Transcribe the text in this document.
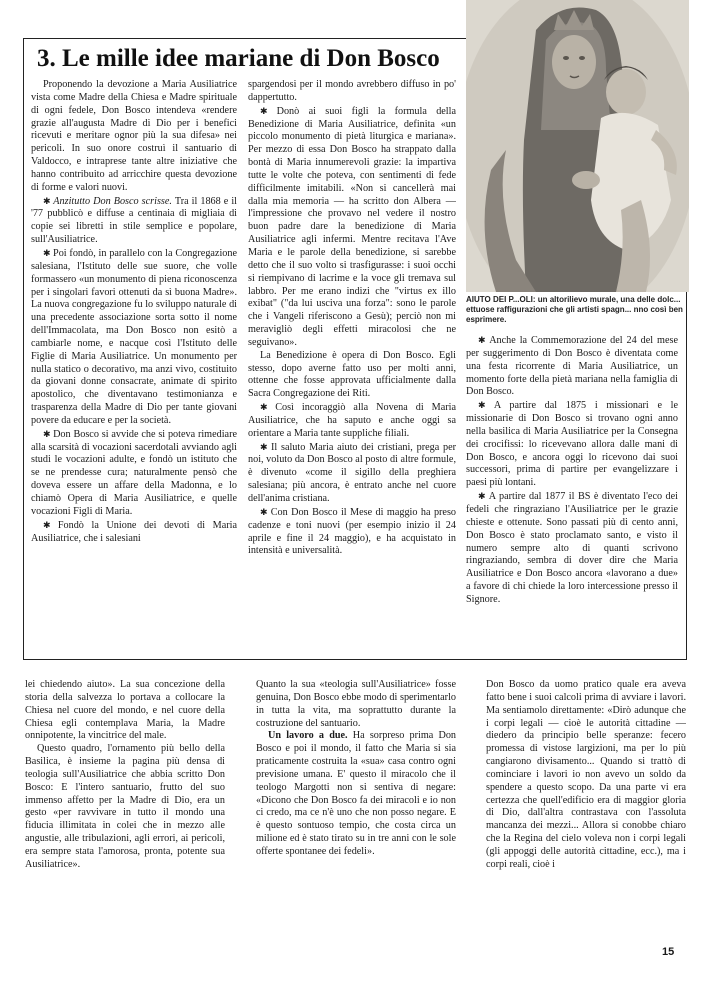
3. Le mille idee mariane di Don Bosco

Proponendo la devozione a Maria Ausiliatrice vista come Madre della Chiesa e Madre spirituale di ogni fedele, Don Bosco intendeva «rendere grazie all'augusta Madre di Dio per i benefici ricevuti e meritare ognor più la sua difesa» nei pericoli. In suo onore costruì il santuario di Valdocco, e intraprese tante altre iniziative che hanno contribuito ad arricchire questa devozione di forme e valori nuovi.

✱ Anzitutto Don Bosco scrisse. Tra il 1868 e il '77 pubblicò e diffuse a centinaia di migliaia di copie sei libretti in stile semplice e popolare, sull'Ausiliatrice.

✱ Poi fondò, in parallelo con la Congregazione salesiana, l'Istituto delle sue suore, che volle formassero «un monumento di piena riconoscenza per i singolari favori ottenuti da sì buona Madre». La nuova congregazione fu lo sviluppo naturale di una precedente associazione sorta sotto il nome dell'Immacolata, ma Don Bosco non esitò a cambiarle nome, e nacque così l'Istituto delle Figlie di Maria Ausiliatrice. Un monumento per nulla statico o decorativo, ma anzi vivo, costituito da giovani donne consacrate, animate di spirito apostolico, che diventavano testimonianza e trasparenza della Madre di Dio per tante giovani povere da educare e per la società.

✱ Don Bosco si avvide che si poteva rimediare alla scarsità di vocazioni sacerdotali avviando agli studi le vocazioni adulte, e fondò un istituto che se ne prendesse cura; naturalmente pensò che doveva essere un affare della Madonna, e lo chiamò Opera di Maria Ausiliatrice, e quelle vocazioni Figli di Maria.

✱ Fondò la Unione dei devoti di Maria Ausiliatrice, che i salesiani

spargendosi per il mondo avrebbero diffuso in po' dappertutto.

✱ Donò ai suoi figli la formula della Benedizione di Maria Ausiliatrice, definita «un piccolo monumento di pietà liturgica e mariana». Per mezzo di essa Don Bosco ha strappato dalla bontà di Maria innumerevoli grazie: la impartiva tutte le volte che poteva, con sentimenti di fede difficilmente imitabili. «Non si cancellerà mai dalla mia memoria — ha scritto don Albera — l'impressione che provavo nel vedere il nostro buon padre dare la benedizione di Maria Ausiliatrice agli infermi. Mentre recitava l'Ave Maria e le parole della benedizione, si sarebbe detto che il suo volto si trasfigurasse: i suoi occhi si riempivano di lacrime e la voce gli tremava sul labbro. Per me erano indizi che "virtus ex illo exibat" ("da lui usciva una forza": sono le parole che i Vangeli riferiscono a Gesù); perciò non mi meravigliò degli effetti miracolosi che ne seguivano».

La Benedizione è opera di Don Bosco. Egli stesso, dopo averne fatto uso per molti anni, ottenne che fosse approvata ufficialmente dalla Sacra Congregazione dei Riti.

✱ Così incoraggiò alla Novena di Maria Ausiliatrice, che ha saputo e anche oggi sa orientare a Maria tante suppliche filiali.

✱ Il saluto Maria aiuto dei cristiani, prega per noi, voluto da Don Bosco al posto di altre formule, è divenuto «come il sigillo della preghiera salesiana; più ancora, è entrato anche nel cuore dell'anima cristiana.

✱ Con Don Bosco il Mese di maggio ha preso cadenze e toni nuovi (per esempio inizio il 24 aprile e fine il 24 maggio), e ha acquistato in intensità e universalità.

AIUTO DEI P...OLI: un altorilievo murale, una delle dolc... ettuose raffigurazioni che gli artisti spagn... nno così ben esprimere.

✱ Anche la Commemorazione del 24 del mese per suggerimento di Don Bosco è diventata come una festa ricorrente di Maria Ausiliatrice, un momento forte della pietà mariana nella famiglia di Don Bosco.

✱ A partire dal 1875 i missionari e le missionarie di Don Bosco si trovano ogni anno nella basilica di Maria Ausiliatrice per la Consegna dei crocifissi: lo ricevevano allora dalle mani di Don Bosco, e ancora oggi lo ricevono dai suoi successori, prima di partire per evangelizzare i paesi più lontani.

✱ A partire dal 1877 il BS è diventato l'eco dei fedeli che ringraziano l'Ausiliatrice per le grazie chieste e ottenute. Sono passati più di cento anni, Don Bosco è stato proclamato santo, e visto il numero sempre alto di quanti scrivono ringraziando, sembra di dover dire che Maria Ausiliatrice e Don Bosco ancora «lavorano a due» a favore di chi chiede la loro intercessione presso il Signore.

lei chiedendo aiuto». La sua concezione della storia della salvezza lo portava a collocare la Chiesa nel cuore del mondo, e nel cuore della Chiesa egli contemplava Maria, la Madre onnipotente, la vincitrice del male.

Questo quadro, l'ornamento più bello della Basilica, è insieme la pagina più densa di teologia sull'Ausiliatrice che abbia scritto Don Bosco: E l'intero santuario, frutto del suo immenso affetto per la Madre di Dio, era un gesto «per ravvivare in tutto il mondo una fiducia illimitata in colei che in mezzo alle angustie, alle tribulazioni, agli errori, ai pericoli, era sempre stata l'amorosa, pronta, potente sua Ausiliatrice».

Quanto la sua «teologia sull'Ausiliatrice» fosse genuina, Don Bosco ebbe modo di sperimentarlo in tutta la vita, ma soprattutto durante la costruzione del santuario.

Un lavoro a due. Ha sorpreso prima Don Bosco e poi il mondo, il fatto che Maria si sia praticamente costruita la «sua» casa contro ogni previsione umana. E' questo il miracolo che il teologo Margotti non si sentiva di negare: «Dicono che Don Bosco fa dei miracoli e io non ci credo, ma ce n'è uno che non posso negare. E è questo sontuoso tempio, che costa circa un milione ed è stato tirato su in tre anni con le sole offerte spontanee dei fedeli».

Don Bosco da uomo pratico quale era aveva fatto bene i suoi calcoli prima di avviare i lavori. Ma sentiamolo direttamente: «Dirò adunque che i corpi legali — cioè le autorità cittadine — diedero da principio belle speranze: fecero promessa di vistose largizioni, ma per lo più cangiarono divisamento... Quando si trattò di cominciare i lavori io non avevo un soldo da spendere a questo scopo. Da una parte vi era certezza che quell'edificio era di maggior gloria di Dio, dall'altra contrastava con l'assoluta mancanza dei mezzi... Allora si conobbe chiaro che la Regina del cielo voleva non i corpi legali (gli appoggi delle autorità cittadine, ecc.), ma i corpi reali, cioè i

15
